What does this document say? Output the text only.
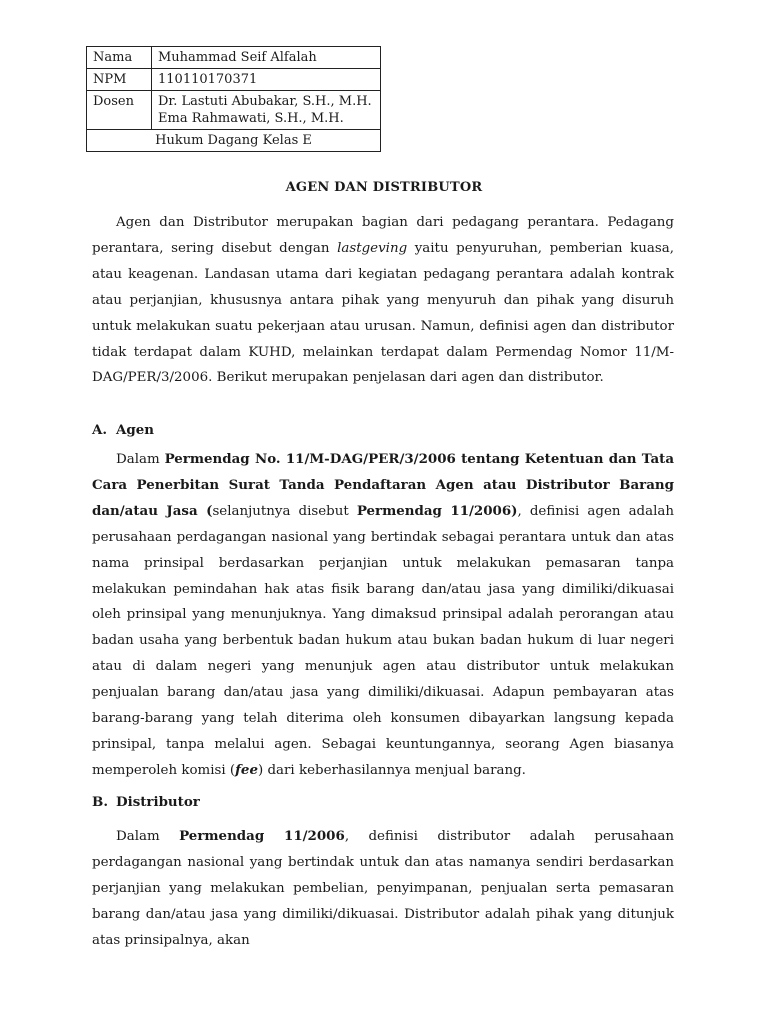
Nama	Muhammad Seif Alfalah
NPM	110110170371
Dosen	Dr. Lastuti Abubakar, S.H., M.H.
Ema Rahmawati, S.H., M.H.

Hukum Dagang Kelas E	
AGEN DAN DISTRIBUTOR

Agen dan Distributor merupakan bagian dari pedagang perantara. Pedagang perantara, sering disebut dengan lastgeving yaitu penyuruhan, pemberian kuasa, atau keagenan. Landasan utama dari kegiatan pedagang perantara adalah kontrak atau perjanjian, khususnya antara pihak yang menyuruh dan pihak yang disuruh untuk melakukan suatu pekerjaan atau urusan. Namun, definisi agen dan distributor tidak terdapat dalam KUHD, melainkan terdapat dalam Permendag Nomor 11/M-DAG/PER/3/2006. Berikut merupakan penjelasan dari agen dan distributor.

A. Agen

Dalam Permendag No. 11/M-DAG/PER/3/2006 tentang Ketentuan dan Tata Cara Penerbitan Surat Tanda Pendaftaran Agen atau Distributor Barang dan/atau Jasa (selanjutnya disebut Permendag 11/2006), definisi agen adalah perusahaan perdagangan nasional yang bertindak sebagai perantara untuk dan atas nama prinsipal berdasarkan perjanjian untuk melakukan pemasaran tanpa melakukan pemindahan hak atas fisik barang dan/atau jasa yang dimiliki/dikuasai oleh prinsipal yang menunjuknya. Yang dimaksud prinsipal adalah perorangan atau badan usaha yang berbentuk badan hukum atau bukan badan hukum di luar negeri atau di dalam negeri yang menunjuk agen atau distributor untuk melakukan penjualan barang dan/atau jasa yang dimiliki/dikuasai. Adapun pembayaran atas barang-barang yang telah diterima oleh konsumen dibayarkan langsung kepada prinsipal, tanpa melalui agen. Sebagai keuntungannya, seorang Agen biasanya memperoleh komisi (fee) dari keberhasilannya menjual barang.

B. Distributor

Dalam Permendag 11/2006, definisi distributor adalah perusahaan perdagangan nasional yang bertindak untuk dan atas namanya sendiri berdasarkan perjanjian yang melakukan pembelian, penyimpanan, penjualan serta pemasaran barang dan/atau jasa yang dimiliki/dikuasai. Distributor adalah pihak yang ditunjuk atas prinsipalnya, akan
